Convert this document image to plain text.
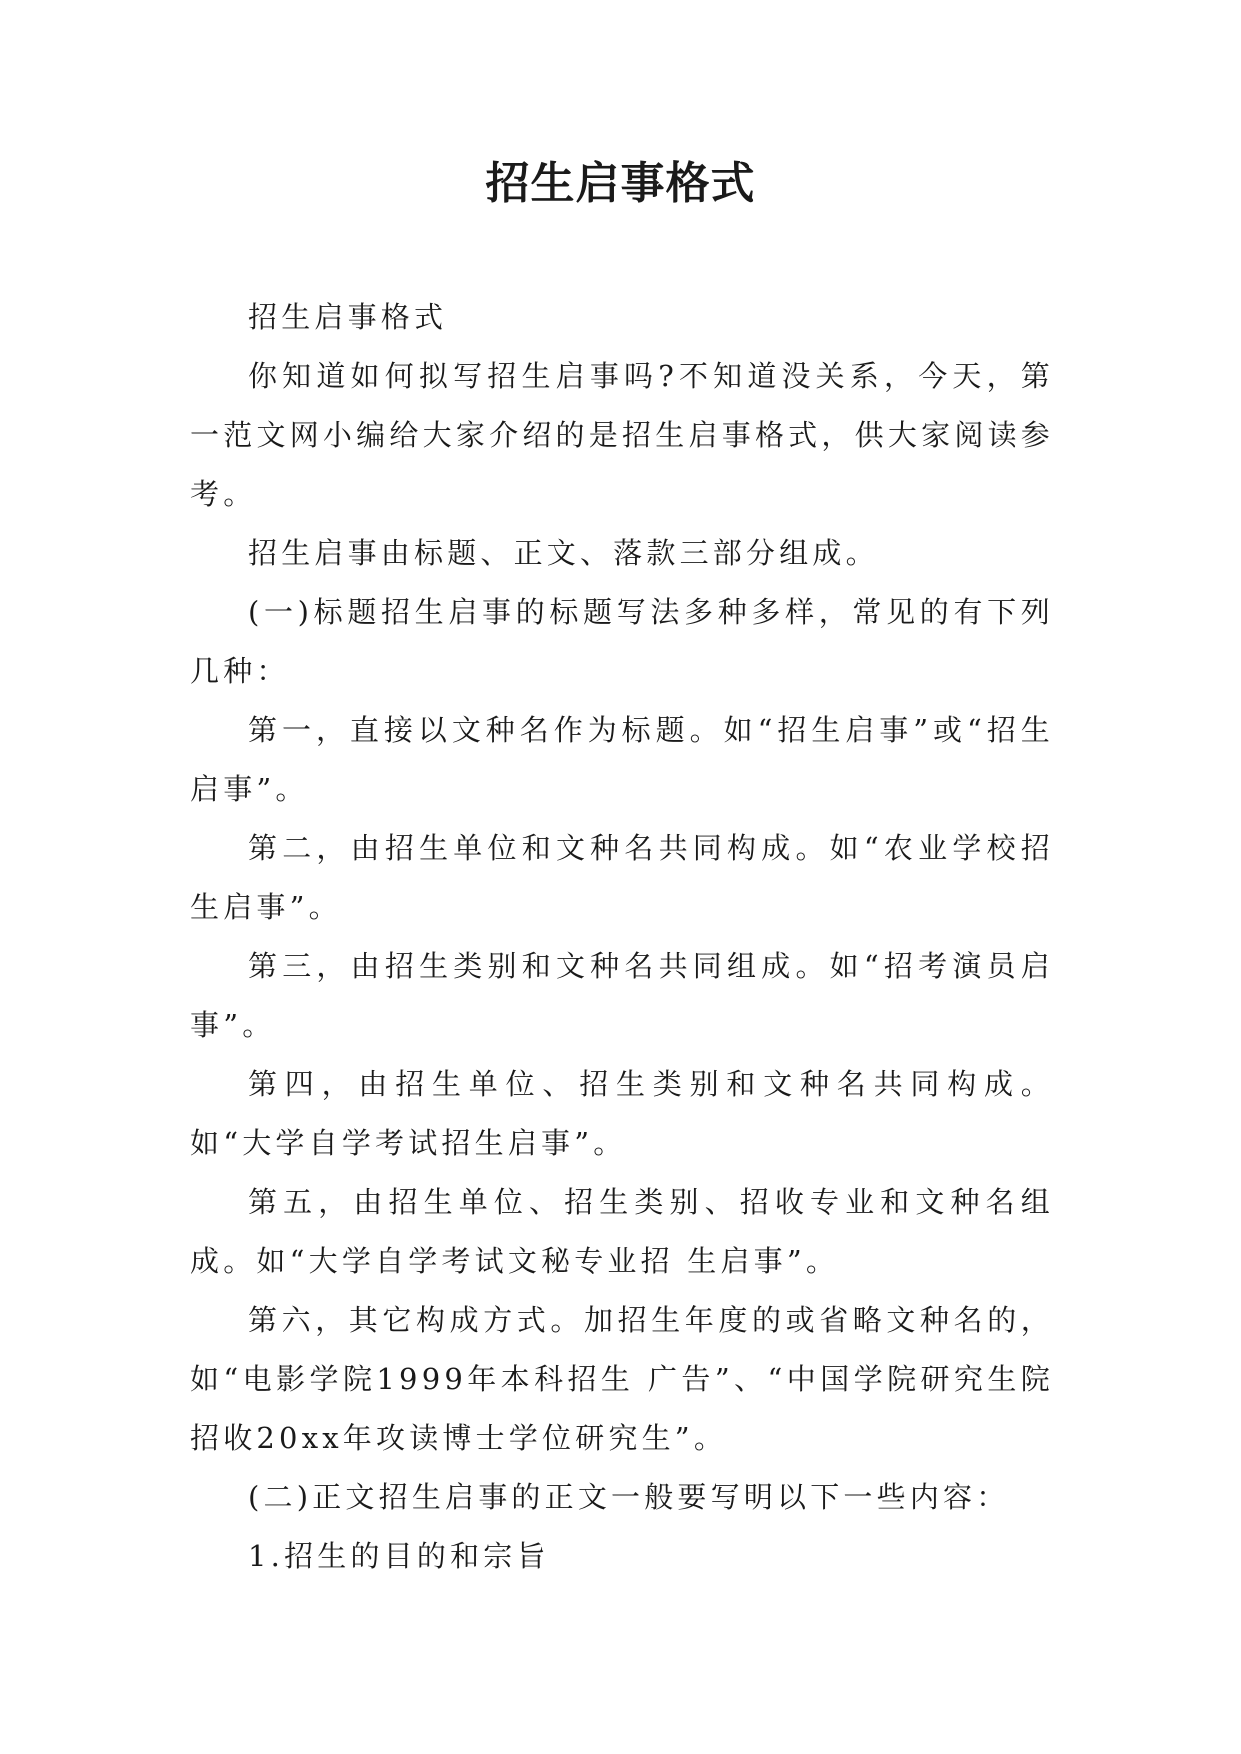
招生启事格式

招生启事格式

你知道如何拟写招生启事吗?不知道没关系，今天，第一范文网小编给大家介绍的是招生启事格式，供大家阅读参考。

招生启事由标题、正文、落款三部分组成。

(一)标题招生启事的标题写法多种多样，常见的有下列几种：

第一，直接以文种名作为标题。如“招生启事”或“招生启事”。

第二，由招生单位和文种名共同构成。如“农业学校招生启事”。

第三，由招生类别和文种名共同组成。如“招考演员启事”。

第四，由招生单位、招生类别和文种名共同构成。如“大学自学考试招生启事”。

第五，由招生单位、招生类别、招收专业和文种名组成。如“大学自学考试文秘专业招 生启事”。

第六，其它构成方式。加招生年度的或省略文种名的，如“电影学院1999年本科招生 广告”、“中国学院研究生院招收20xx年攻读博士学位研究生”。

(二)正文招生启事的正文一般要写明以下一些内容：

1.招生的目的和宗旨
